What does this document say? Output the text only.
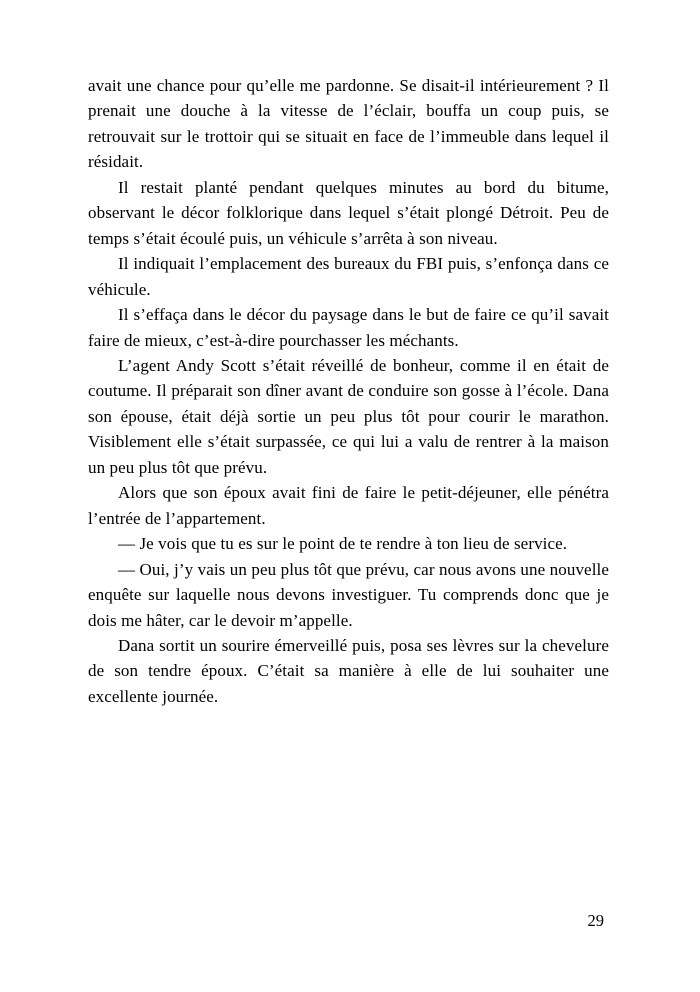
avait une chance pour qu’elle me pardonne. Se disait-il intérieurement ? Il prenait une douche à la vitesse de l’éclair, bouffa un coup puis, se retrouvait sur le trottoir qui se situait en face de l’immeuble dans lequel il résidait.

Il restait planté pendant quelques minutes au bord du bitume, observant le décor folklorique dans lequel s’était plongé Détroit. Peu de temps s’était écoulé puis, un véhicule s’arrêta à son niveau.

Il indiquait l’emplacement des bureaux du FBI puis, s’enfonça dans ce véhicule.

Il s’effaça dans le décor du paysage dans le but de faire ce qu’il savait faire de mieux, c’est-à-dire pourchasser les méchants.

L’agent Andy Scott s’était réveillé de bonheur, comme il en était de coutume. Il préparait son dîner avant de conduire son gosse à l’école. Dana son épouse, était déjà sortie un peu plus tôt pour courir le marathon. Visiblement elle s’était surpassée, ce qui lui a valu de rentrer à la maison un peu plus tôt que prévu.

Alors que son époux avait fini de faire le petit-déjeuner, elle pénétra l’entrée de l’appartement.

— Je vois que tu es sur le point de te rendre à ton lieu de service.

— Oui, j’y vais un peu plus tôt que prévu, car nous avons une nouvelle enquête sur laquelle nous devons investiguer. Tu comprends donc que je dois me hâter, car le devoir m’appelle.

Dana sortit un sourire émerveillé puis, posa ses lèvres sur la chevelure de son tendre époux. C’était sa manière à elle de lui souhaiter une excellente journée.

29
